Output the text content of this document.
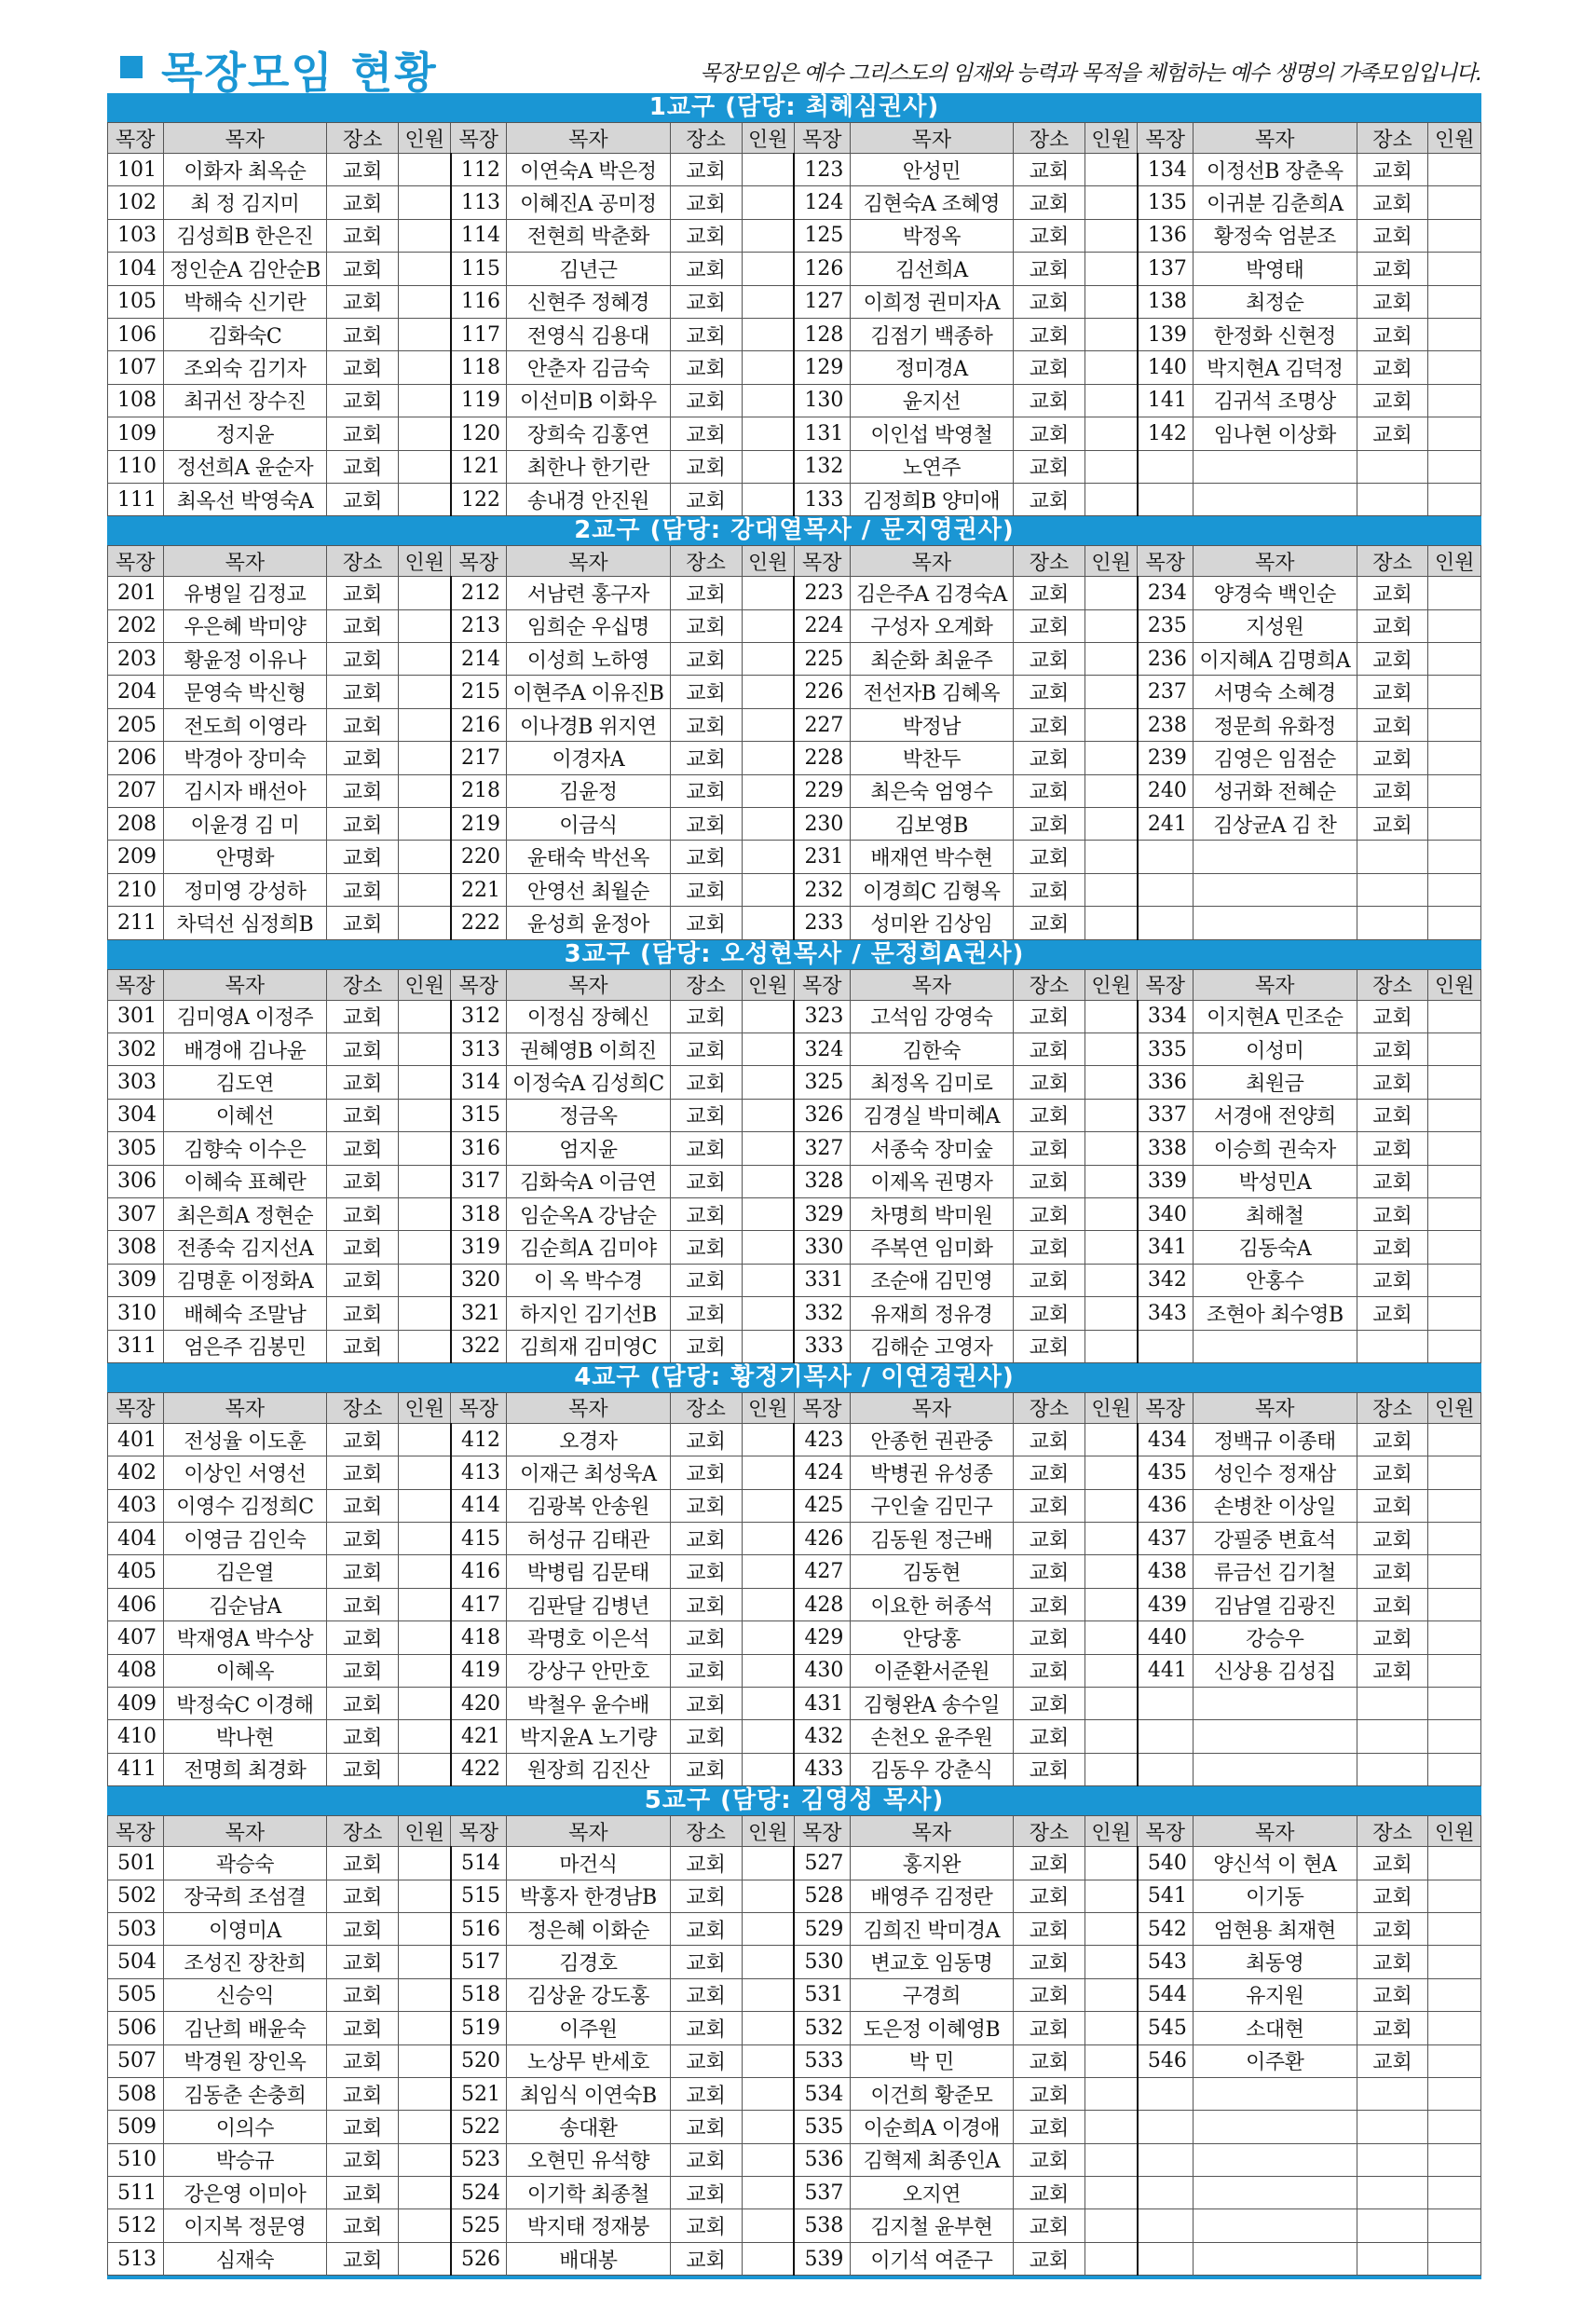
목장모임 현황	목장모임은 예수 그리스도의 임재와 능력과 목적을 체험하는 예수 생명의 가족모임입니다.
1교구 (담당: 최혜심권사)
목장	목자	장소	인원	목장	목자	장소	인원	목장	목자	장소	인원	목장	목자	장소	인원
101	이화자 최옥순	교회		112	이연숙A 박은정	교회		123	안성민	교회		134	이정선B 장춘옥	교회	
102	최 정 김지미	교회		113	이혜진A 공미정	교회		124	김현숙A 조혜영	교회		135	이귀분 김춘희A	교회	
103	김성희B 한은진	교회		114	전현희 박춘화	교회		125	박정옥	교회		136	황정숙 엄분조	교회	
104	정인순A 김안순B	교회		115	김년근	교회		126	김선희A	교회		137	박영태	교회	
105	박해숙 신기란	교회		116	신현주 정혜경	교회		127	이희정 권미자A	교회		138	최정순	교회	
106	김화숙C	교회		117	전영식 김용대	교회		128	김점기 백종하	교회		139	한정화 신현정	교회	
107	조외숙 김기자	교회		118	안춘자 김금숙	교회		129	정미경A	교회		140	박지현A 김덕정	교회	
108	최귀선 장수진	교회		119	이선미B 이화우	교회		130	윤지선	교회		141	김귀석 조명상	교회	
109	정지윤	교회		120	장희숙 김홍연	교회		131	이인섭 박영철	교회		142	임나현 이상화	교회	
110	정선희A 윤순자	교회		121	최한나 한기란	교회		132	노연주	교회					
111	최옥선 박영숙A	교회		122	송내경 안진원	교회		133	김정희B 양미애	교회					
2교구 (담당: 강대열목사 / 문지영권사)
목장	목자	장소	인원	목장	목자	장소	인원	목장	목자	장소	인원	목장	목자	장소	인원
201	유병일 김정교	교회		212	서남련 홍구자	교회		223	김은주A 김경숙A	교회		234	양경숙 백인순	교회	
202	우은혜 박미양	교회		213	임희순 우십명	교회		224	구성자 오계화	교회		235	지성원	교회	
203	황윤정 이유나	교회		214	이성희 노하영	교회		225	최순화 최윤주	교회		236	이지혜A 김명희A	교회	
204	문영숙 박신형	교회		215	이현주A 이유진B	교회		226	전선자B 김혜옥	교회		237	서명숙 소혜경	교회	
205	전도희 이영라	교회		216	이나경B 위지연	교회		227	박정남	교회		238	정문희 유화정	교회	
206	박경아 장미숙	교회		217	이경자A	교회		228	박찬두	교회		239	김영은 임점순	교회	
207	김시자 배선아	교회		218	김윤정	교회		229	최은숙 엄영수	교회		240	성귀화 전혜순	교회	
208	이윤경 김 미	교회		219	이금식	교회		230	김보영B	교회		241	김상균A 김 찬	교회	
209	안명화	교회		220	윤태숙 박선옥	교회		231	배재연 박수현	교회					
210	정미영 강성하	교회		221	안영선 최월순	교회		232	이경희C 김형옥	교회					
211	차덕선 심정희B	교회		222	윤성희 윤정아	교회		233	성미완 김상임	교회					
3교구 (담당: 오성현목사 / 문정희A권사)
목장	목자	장소	인원	목장	목자	장소	인원	목장	목자	장소	인원	목장	목자	장소	인원
301	김미영A 이정주	교회		312	이정심 장혜신	교회		323	고석임 강영숙	교회		334	이지현A 민조순	교회	
302	배경애 김나윤	교회		313	권혜영B 이희진	교회		324	김한숙	교회		335	이성미	교회	
303	김도연	교회		314	이정숙A 김성희C	교회		325	최정옥 김미로	교회		336	최원금	교회	
304	이혜선	교회		315	정금옥	교회		326	김경실 박미혜A	교회		337	서경애 전양희	교회	
305	김향숙 이수은	교회		316	엄지윤	교회		327	서종숙 장미숲	교회		338	이승희 권숙자	교회	
306	이혜숙 표혜란	교회		317	김화숙A 이금연	교회		328	이제옥 권명자	교회		339	박성민A	교회	
307	최은희A 정현순	교회		318	임순옥A 강남순	교회		329	차명희 박미원	교회		340	최해철	교회	
308	전종숙 김지선A	교회		319	김순희A 김미야	교회		330	주복연 임미화	교회		341	김동숙A	교회	
309	김명훈 이정화A	교회		320	이 옥 박수경	교회		331	조순애 김민영	교회		342	안홍수	교회	
310	배혜숙 조말남	교회		321	하지인 김기선B	교회		332	유재희 정유경	교회		343	조현아 최수영B	교회	
311	엄은주 김봉민	교회		322	김희재 김미영C	교회		333	김해순 고영자	교회					
4교구 (담당: 황정기목사 / 이연경권사)
목장	목자	장소	인원	목장	목자	장소	인원	목장	목자	장소	인원	목장	목자	장소	인원
401	전성율 이도훈	교회		412	오경자	교회		423	안종헌 권관중	교회		434	정백규 이종태	교회	
402	이상인 서영선	교회		413	이재근 최성욱A	교회		424	박병권 유성종	교회		435	성인수 정재삼	교회	
403	이영수 김정희C	교회		414	김광복 안송원	교회		425	구인술 김민구	교회		436	손병찬 이상일	교회	
404	이영금 김인숙	교회		415	허성규 김태관	교회		426	김동원 정근배	교회		437	강필중 변효석	교회	
405	김은열	교회		416	박병림 김문태	교회		427	김동현	교회		438	류금선 김기철	교회	
406	김순남A	교회		417	김판달 김병년	교회		428	이요한 허종석	교회		439	김남열 김광진	교회	
407	박재영A 박수상	교회		418	곽명호 이은석	교회		429	안당홍	교회		440	강승우	교회	
408	이혜옥	교회		419	강상구 안만호	교회		430	이준환서준원	교회		441	신상용 김성집	교회	
409	박정숙C 이경해	교회		420	박철우 윤수배	교회		431	김형완A 송수일	교회					
410	박나현	교회		421	박지윤A 노기량	교회		432	손천오 윤주원	교회					
411	전명희 최경화	교회		422	원장희 김진산	교회		433	김동우 강춘식	교회					
5교구 (담당: 김영성 목사)
목장	목자	장소	인원	목장	목자	장소	인원	목장	목자	장소	인원	목장	목자	장소	인원
501	곽승숙	교회		514	마건식	교회		527	홍지완	교회		540	양신석 이 현A	교회	
502	장국희 조섬결	교회		515	박홍자 한경남B	교회		528	배영주 김정란	교회		541	이기동	교회	
503	이영미A	교회		516	정은혜 이화순	교회		529	김희진 박미경A	교회		542	엄현용 최재현	교회	
504	조성진 장찬희	교회		517	김경호	교회		530	변교호 임동명	교회		543	최동영	교회	
505	신승익	교회		518	김상윤 강도홍	교회		531	구경희	교회		544	유지원	교회	
506	김난희 배윤숙	교회		519	이주원	교회		532	도은정 이혜영B	교회		545	소대현	교회	
507	박경원 장인옥	교회		520	노상무 반세호	교회		533	박 민	교회		546	이주환	교회	
508	김동춘 손충희	교회		521	최임식 이연숙B	교회		534	이건희 황준모	교회					
509	이의수	교회		522	송대환	교회		535	이순희A 이경애	교회					
510	박승규	교회		523	오현민 유석향	교회		536	김혁제 최종인A	교회					
511	강은영 이미아	교회		524	이기학 최종철	교회		537	오지연	교회					
512	이지복 정문영	교회		525	박지태 정재붕	교회		538	김지철 윤부현	교회					
513	심재숙	교회		526	배대봉	교회		539	이기석 여준구	교회					
